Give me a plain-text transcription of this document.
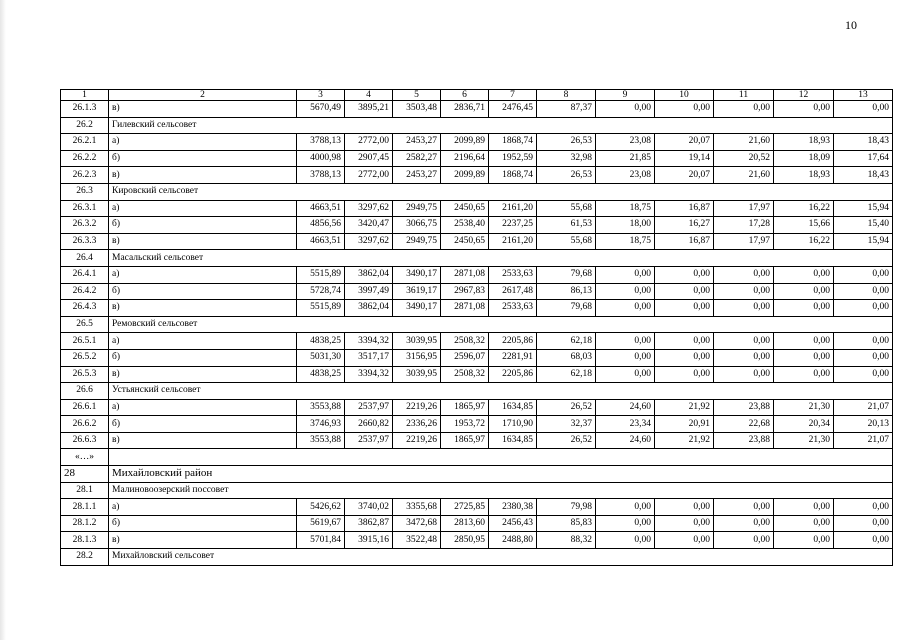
10
1	2	3	4	5	6	7	8	9	10	11	12	13
26.1.3	в)	5670,49	3895,21	3503,48	2836,71	2476,45	87,37	0,00	0,00	0,00	0,00	0,00
26.2	Гилевский сельсовет											
26.2.1	а)	3788,13	2772,00	2453,27	2099,89	1868,74	26,53	23,08	20,07	21,60	18,93	18,43
26.2.2	б)	4000,98	2907,45	2582,27	2196,64	1952,59	32,98	21,85	19,14	20,52	18,09	17,64
26.2.3	в)	3788,13	2772,00	2453,27	2099,89	1868,74	26,53	23,08	20,07	21,60	18,93	18,43
26.3	Кировский сельсовет											
26.3.1	а)	4663,51	3297,62	2949,75	2450,65	2161,20	55,68	18,75	16,87	17,97	16,22	15,94
26.3.2	б)	4856,56	3420,47	3066,75	2538,40	2237,25	61,53	18,00	16,27	17,28	15,66	15,40
26.3.3	в)	4663,51	3297,62	2949,75	2450,65	2161,20	55,68	18,75	16,87	17,97	16,22	15,94
26.4	Масальский сельсовет											
26.4.1	а)	5515,89	3862,04	3490,17	2871,08	2533,63	79,68	0,00	0,00	0,00	0,00	0,00
26.4.2	б)	5728,74	3997,49	3619,17	2967,83	2617,48	86,13	0,00	0,00	0,00	0,00	0,00
26.4.3	в)	5515,89	3862,04	3490,17	2871,08	2533,63	79,68	0,00	0,00	0,00	0,00	0,00
26.5	Ремовский сельсовет											
26.5.1	а)	4838,25	3394,32	3039,95	2508,32	2205,86	62,18	0,00	0,00	0,00	0,00	0,00
26.5.2	б)	5031,30	3517,17	3156,95	2596,07	2281,91	68,03	0,00	0,00	0,00	0,00	0,00
26.5.3	в)	4838,25	3394,32	3039,95	2508,32	2205,86	62,18	0,00	0,00	0,00	0,00	0,00
26.6	Устьянский сельсовет											
26.6.1	а)	3553,88	2537,97	2219,26	1865,97	1634,85	26,52	24,60	21,92	23,88	21,30	21,07
26.6.2	б)	3746,93	2660,82	2336,26	1953,72	1710,90	32,37	23,34	20,91	22,68	20,34	20,13
26.6.3	в)	3553,88	2537,97	2219,26	1865,97	1634,85	26,52	24,60	21,92	23,88	21,30	21,07
«…»												
28	Михайловский район											
28.1	Малиновоозерский поссовет											
28.1.1	а)	5426,62	3740,02	3355,68	2725,85	2380,38	79,98	0,00	0,00	0,00	0,00	0,00
28.1.2	б)	5619,67	3862,87	3472,68	2813,60	2456,43	85,83	0,00	0,00	0,00	0,00	0,00
28.1.3	в)	5701,84	3915,16	3522,48	2850,95	2488,80	88,32	0,00	0,00	0,00	0,00	0,00
28.2	Михайловский сельсовет											
